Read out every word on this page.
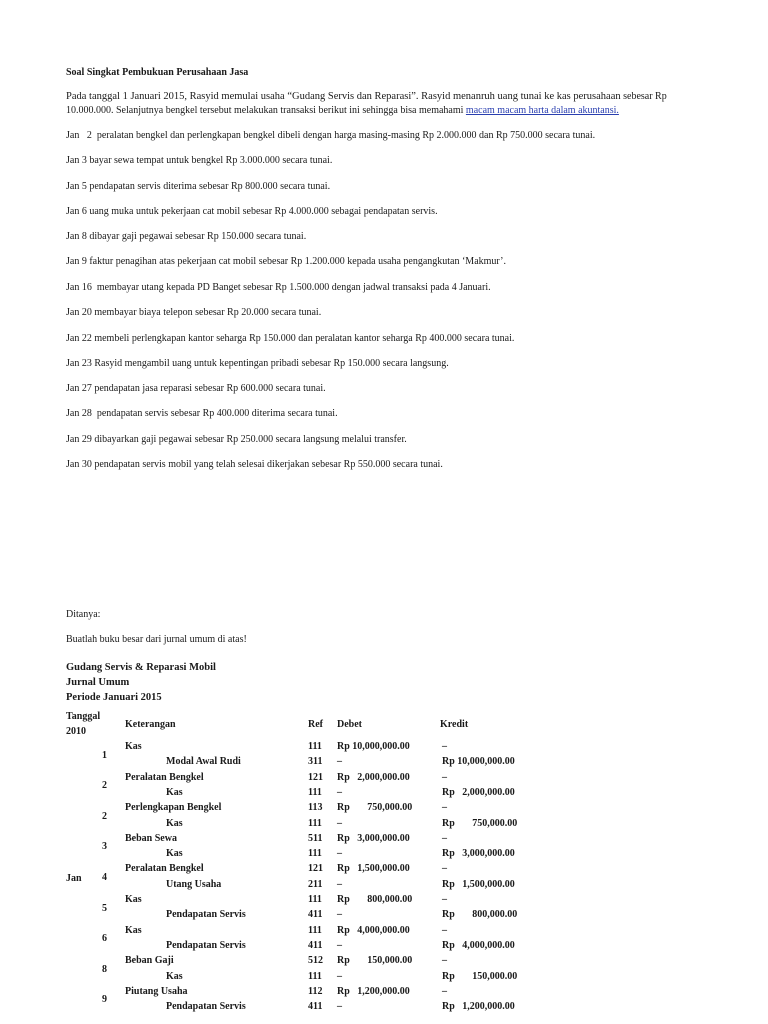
Soal Singkat Pembukuan Perusahaan Jasa
Pada tanggal 1 Januari 2015, Rasyid memulai usaha “Gudang Servis dan Reparasi”. Rasyid menanruh uang tunai ke kas perusahaan sebesar Rp 10.000.000. Selanjutnya bengkel tersebut melakukan transaksi berikut ini sehingga bisa memahami macam macam harta dalam akuntansi.
Jan   2  peralatan bengkel dan perlengkapan bengkel dibeli dengan harga masing-masing Rp 2.000.000 dan Rp 750.000 secara tunai.
Jan 3 bayar sewa tempat untuk bengkel Rp 3.000.000 secara tunai.
Jan 5 pendapatan servis diterima sebesar Rp 800.000 secara tunai.
Jan 6 uang muka untuk pekerjaan cat mobil sebesar Rp 4.000.000 sebagai pendapatan servis.
Jan 8 dibayar gaji pegawai sebesar Rp 150.000 secara tunai.
Jan 9 faktur penagihan atas pekerjaan cat mobil sebesar Rp 1.200.000 kepada usaha pengangkutan ‘Makmur’.
Jan 16  membayar utang kepada PD Banget sebesar Rp 1.500.000 dengan jadwal transaksi pada 4 Januari.
Jan 20 membayar biaya telepon sebesar Rp 20.000 secara tunai.
Jan 22 membeli perlengkapan kantor seharga Rp 150.000 dan peralatan kantor seharga Rp 400.000 secara tunai.
Jan 23 Rasyid mengambil uang untuk kepentingan pribadi sebesar Rp 150.000 secara langsung.
Jan 27 pendapatan jasa reparasi sebesar Rp 600.000 secara tunai.
Jan 28  pendapatan servis sebesar Rp 400.000 diterima secara tunai.
Jan 29 dibayarkan gaji pegawai sebesar Rp 250.000 secara langsung melalui transfer.
Jan 30 pendapatan servis mobil yang telah selesai dikerjakan sebesar Rp 550.000 secara tunai.
Ditanya:
Buatlah buku besar dari jurnal umum di atas!
Gudang Servis & Reparasi Mobil
Jurnal Umum
Periode Januari 2015
Tanggal
2010
Keterangan	Ref Debet	Kredit
Jan
1
Kas	111 Rp 10,000,000.00	–
Modal Awal Rudi	311 –	Rp 10,000,000.00
2
Peralatan Bengkel	121 Rp   2,000,000.00	–
Kas	111 –	Rp   2,000,000.00
2
Perlengkapan Bengkel	113 Rp       750,000.00	–
Kas	111 –	Rp       750,000.00
3
Beban Sewa	511 Rp   3,000,000.00	–
Kas	111 –	Rp   3,000,000.00
4
Peralatan Bengkel	121 Rp   1,500,000.00	–
Utang Usaha	211 –	Rp   1,500,000.00
5
Kas	111 Rp       800,000.00	–
Pendapatan Servis	411 –	Rp       800,000.00
6
Kas	111 Rp   4,000,000.00	–
Pendapatan Servis	411 –	Rp   4,000,000.00
8
Beban Gaji	512 Rp       150,000.00	–
Kas	111 –	Rp       150,000.00
9
Piutang Usaha	112 Rp   1,200,000.00	–
Pendapatan Servis	411 –	Rp   1,200,000.00
